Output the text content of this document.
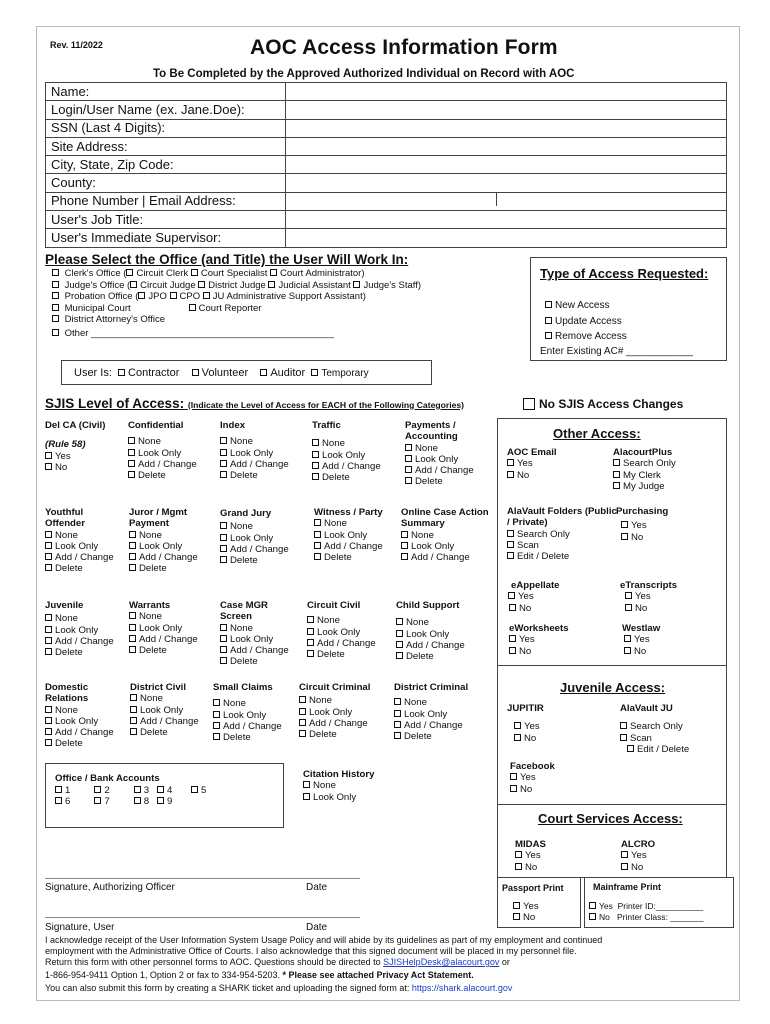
Rev. 11/2022	AOC Access Information Form
To Be Completed by the Approved Authorized Individual on Record with AOC
Name:	
Login/User Name (ex. Jane.Doe):	
SSN (Last 4 Digits):	
Site Address:	
City, State, Zip Code:	
County:	
Phone Number | Email Address:	
User's Job Title:	
User's Immediate Supervisor:	
Please Select the Office (and Title) the User Will Work In:
Clerk's Office ( Circuit Clerk Court Specialist Court Administrator)
Judge's Office ( Circuit Judge District Judge Judicial Assistant Judge's Staff)
Probation Office ( JPO CPO JU Administrative Support Assistant)
Municipal Court	Court Reporter
District Attorney's Office
Other ______________________________________________
Type of Access Requested:
New Access
Update Access
Remove Access
Enter Existing AC# ____________
User Is: Contractor Volunteer Auditor Temporary
SJIS Level of Access: (Indicate the Level of Access for EACH of the Following Categories)	No SJIS Access Changes
Del CA (Civil)
(Rule 58)
Yes
No
Confidential
None
Look Only
Add / Change
Delete
Index
None
Look Only
Add / Change
Delete
Traffic
None
Look Only
Add / Change
Delete
Payments / Accounting
None
Look Only
Add / Change
Delete
Youthful Offender
None
Look Only
Add / Change
Delete
Juror / Mgmt Payment
None
Look Only
Add / Change
Delete
Grand Jury
None
Look Only
Add / Change
Delete
Witness / Party
None
Look Only
Add / Change
Delete
Online Case Action Summary
None
Look Only
Add / Change
Juvenile
None
Look Only
Add / Change
Delete
Warrants
None
Look Only
Add / Change
Delete
Case MGR Screen
None
Look Only
Add / Change
Delete
Circuit Civil
None
Look Only
Add / Change
Delete
Child Support
None
Look Only
Add / Change
Delete
Domestic Relations
None
Look Only
Add / Change
Delete
District Civil
None
Look Only
Add / Change
Delete
Small Claims
None
Look Only
Add / Change
Delete
Circuit Criminal
None
Look Only
Add / Change
Delete
District Criminal
None
Look Only
Add / Change
Delete
Office / Bank Accounts
1	2	3 4	5
6	7	8 9
Citation History
None
Look Only
Other Access:
AOC Email
Yes
No
AlacourtPlus
Search Only
My Clerk
My Judge
AlaVault Folders (Public / Private)
Search Only
Scan
Edit / Delete
Purchasing
Yes
No
eAppellate
Yes
No
eTranscripts
Yes
No
eWorksheets
Yes
No
Westlaw
Yes
No
Juvenile Access:
JUPITIR
Yes
No
AlaVault JU
Search Only
Scan
Edit / Delete
Facebook
Yes
No
Court Services Access:
MIDAS
Yes
No
ALCRO
Yes
No
Passport Print	Mainframe Print
Yes
No
Yes Printer ID:__________
No Printer Class: _______
Signature, Authorizing Officer	Date
Signature, User	Date
I acknowledge receipt of the User Information System Usage Policy and will abide by its guidelines as part of my employment and continued
employment with the Administrative Office of Courts. I also acknowledge that this signed document will be placed in my personnel file.
Return this form with other personnel forms to AOC. Questions should be directed to SJISHelpDesk@alacourt.gov or
1-866-954-9411 Option 1, Option 2 or fax to 334-954-5203. * Please see attached Privacy Act Statement.
You can also submit this form by creating a SHARK ticket and uploading the signed form at: https://shark.alacourt.gov
